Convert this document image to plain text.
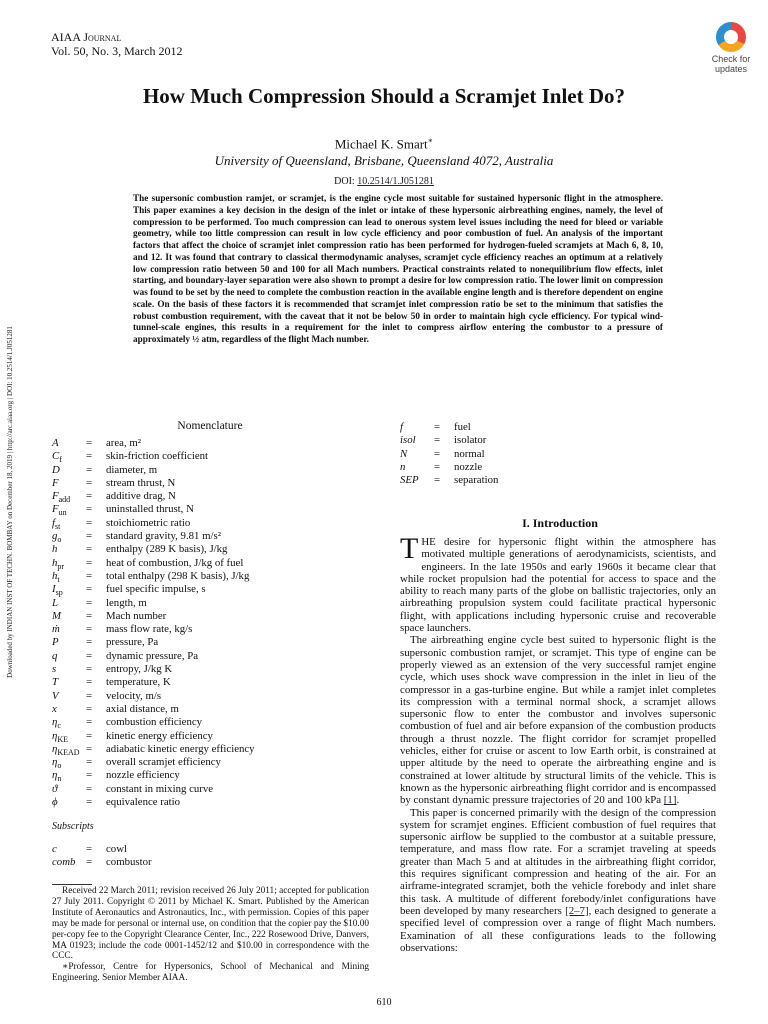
AIAA Journal
Vol. 50, No. 3, March 2012
Check for
updates
How Much Compression Should a Scramjet Inlet Do?
Michael K. Smart∗
University of Queensland, Brisbane, Queensland 4072, Australia
DOI: 10.2514/1.J051281
The supersonic combustion ramjet, or scramjet, is the engine cycle most suitable for sustained hypersonic flight in the atmosphere. This paper examines a key decision in the design of the inlet or intake of these hypersonic airbreathing engines, namely, the level of compression to be performed. Too much compression can lead to onerous system level issues including the need for bleed or variable geometry, while too little compression can result in low cycle efficiency and poor combustion of fuel. An analysis of the important factors that affect the choice of scramjet inlet compression ratio has been performed for hydrogen-fueled scramjets at Mach 6, 8, 10, and 12. It was found that contrary to classical thermodynamic analyses, scramjet cycle efficiency reaches an optimum at a relatively low compression ratio between 50 and 100 for all Mach numbers. Practical constraints related to nonequilibrium flow effects, inlet starting, and boundary-layer separation were also shown to prompt a desire for low compression ratio. The lower limit on compression was found to be set by the need to complete the combustion reaction in the available engine length and is therefore dependent on engine scale. On the basis of these factors it is recommended that scramjet inlet compression ratio be set to the minimum that satisfies the robust combustion requirement, with the caveat that it not be below 50 in order to maintain high cycle efficiency. For typical wind-tunnel-scale engines, this results in a requirement for the inlet to compress airflow entering the combustor to a pressure of approximately ½ atm, regardless of the flight Mach number.
Downloaded by INDIAN INST OF TECHN. BOMBAY on December 18, 2019 | http://arc.aiaa.org | DOI: 10.2514/1.J051281	Nomenclature
A	= area, m²
$C_f$ = skin-friction coefficient
D = diameter, m
F	= stream thrust, N
$F_{add}$ = additive drag, N
$F_{un}$ = uninstalled thrust, N
$f_{st}$ = stoichiometric ratio
$g_o$ = standard gravity, 9.81 m/s²
h	= enthalpy (289 K basis), J/kg
$h_{pr}$ = heat of combustion, J/kg of fuel
$h_t$ = total enthalpy (298 K basis), J/kg
$I_{sp}$ = fuel specific impulse, s
L	= length, m
M = Mach number
ṁ = mass flow rate, kg/s
P	= pressure, Pa
q	= dynamic pressure, Pa
s	= entropy, J/kg K
T	= temperature, K
V	= velocity, m/s
x	= axial distance, m
$\eta_c$ = combustion efficiency
$\eta_{KE}$ = kinetic energy efficiency
$\eta_{KEAD}$ = adiabatic kinetic energy efficiency
$\eta_o$ = overall scramjet efficiency
$\eta_n$ = nozzle efficiency
ϑ	= constant in mixing curve
ϕ	= equivalence ratio
f	= fuel
isol = isolator
N = normal
n	= nozzle
SEP = separation
Subscripts
c	= cowl
comb = combustor

Received 22 March 2011; revision received 26 July 2011; accepted for publication 27 July 2011. Copyright © 2011 by Michael K. Smart. Published by the American Institute of Aeronautics and Astronautics, Inc., with permission. Copies of this paper may be made for personal or internal use, on condition that the copier pay the $10.00 per-copy fee to the Copyright Clearance Center, Inc., 222 Rosewood Drive, Danvers, MA 01923; include the code 0001-1452/12 and $10.00 in correspondence with the CCC.

∗Professor, Centre for Hypersonics, School of Mechanical and Mining Engineering. Senior Member AIAA.

I. Introduction

THE desire for hypersonic flight within the atmosphere has motivated multiple generations of aerodynamicists, scientists, and engineers. In the late 1950s and early 1960s it became clear that while rocket propulsion had the potential for access to space and the ability to reach many parts of the globe on ballistic trajectories, only an airbreathing propulsion system could facilitate practical hypersonic flight, with applications including hypersonic cruise and recoverable space launchers.

The airbreathing engine cycle best suited to hypersonic flight is the supersonic combustion ramjet, or scramjet. This type of engine can be properly viewed as an extension of the very successful ramjet engine cycle, which uses shock wave compression in the inlet in lieu of the compressor in a gas-turbine engine. But while a ramjet inlet completes its compression with a terminal normal shock, a scramjet allows supersonic flow to enter the combustor and involves supersonic combustion of fuel and air before expansion of the combustion products through a thrust nozzle. The flight corridor for scramjet propelled vehicles, either for cruise or ascent to low Earth orbit, is constrained at upper altitude by the need to operate the airbreathing engine and is constrained at lower altitude by structural limits of the vehicle. This is known as the hypersonic airbreathing flight corridor and is encompassed by constant dynamic pressure trajectories of 20 and 100 kPa [1].

This paper is concerned primarily with the design of the compression system for scramjet engines. Efficient combustion of fuel requires that supersonic airflow be supplied to the combustor at a suitable pressure, temperature, and mass flow rate. For a scramjet traveling at speeds greater than Mach 5 and at altitudes in the airbreathing flight corridor, this requires significant compression and heating of the air. For an airframe-integrated scramjet, both the vehicle forebody and inlet share this task. A multitude of different forebody/inlet configurations have been developed by many researchers [2–7], each designed to generate a specified level of compression over a range of flight Mach numbers. Examination of all these configurations leads to the following observations:

610
